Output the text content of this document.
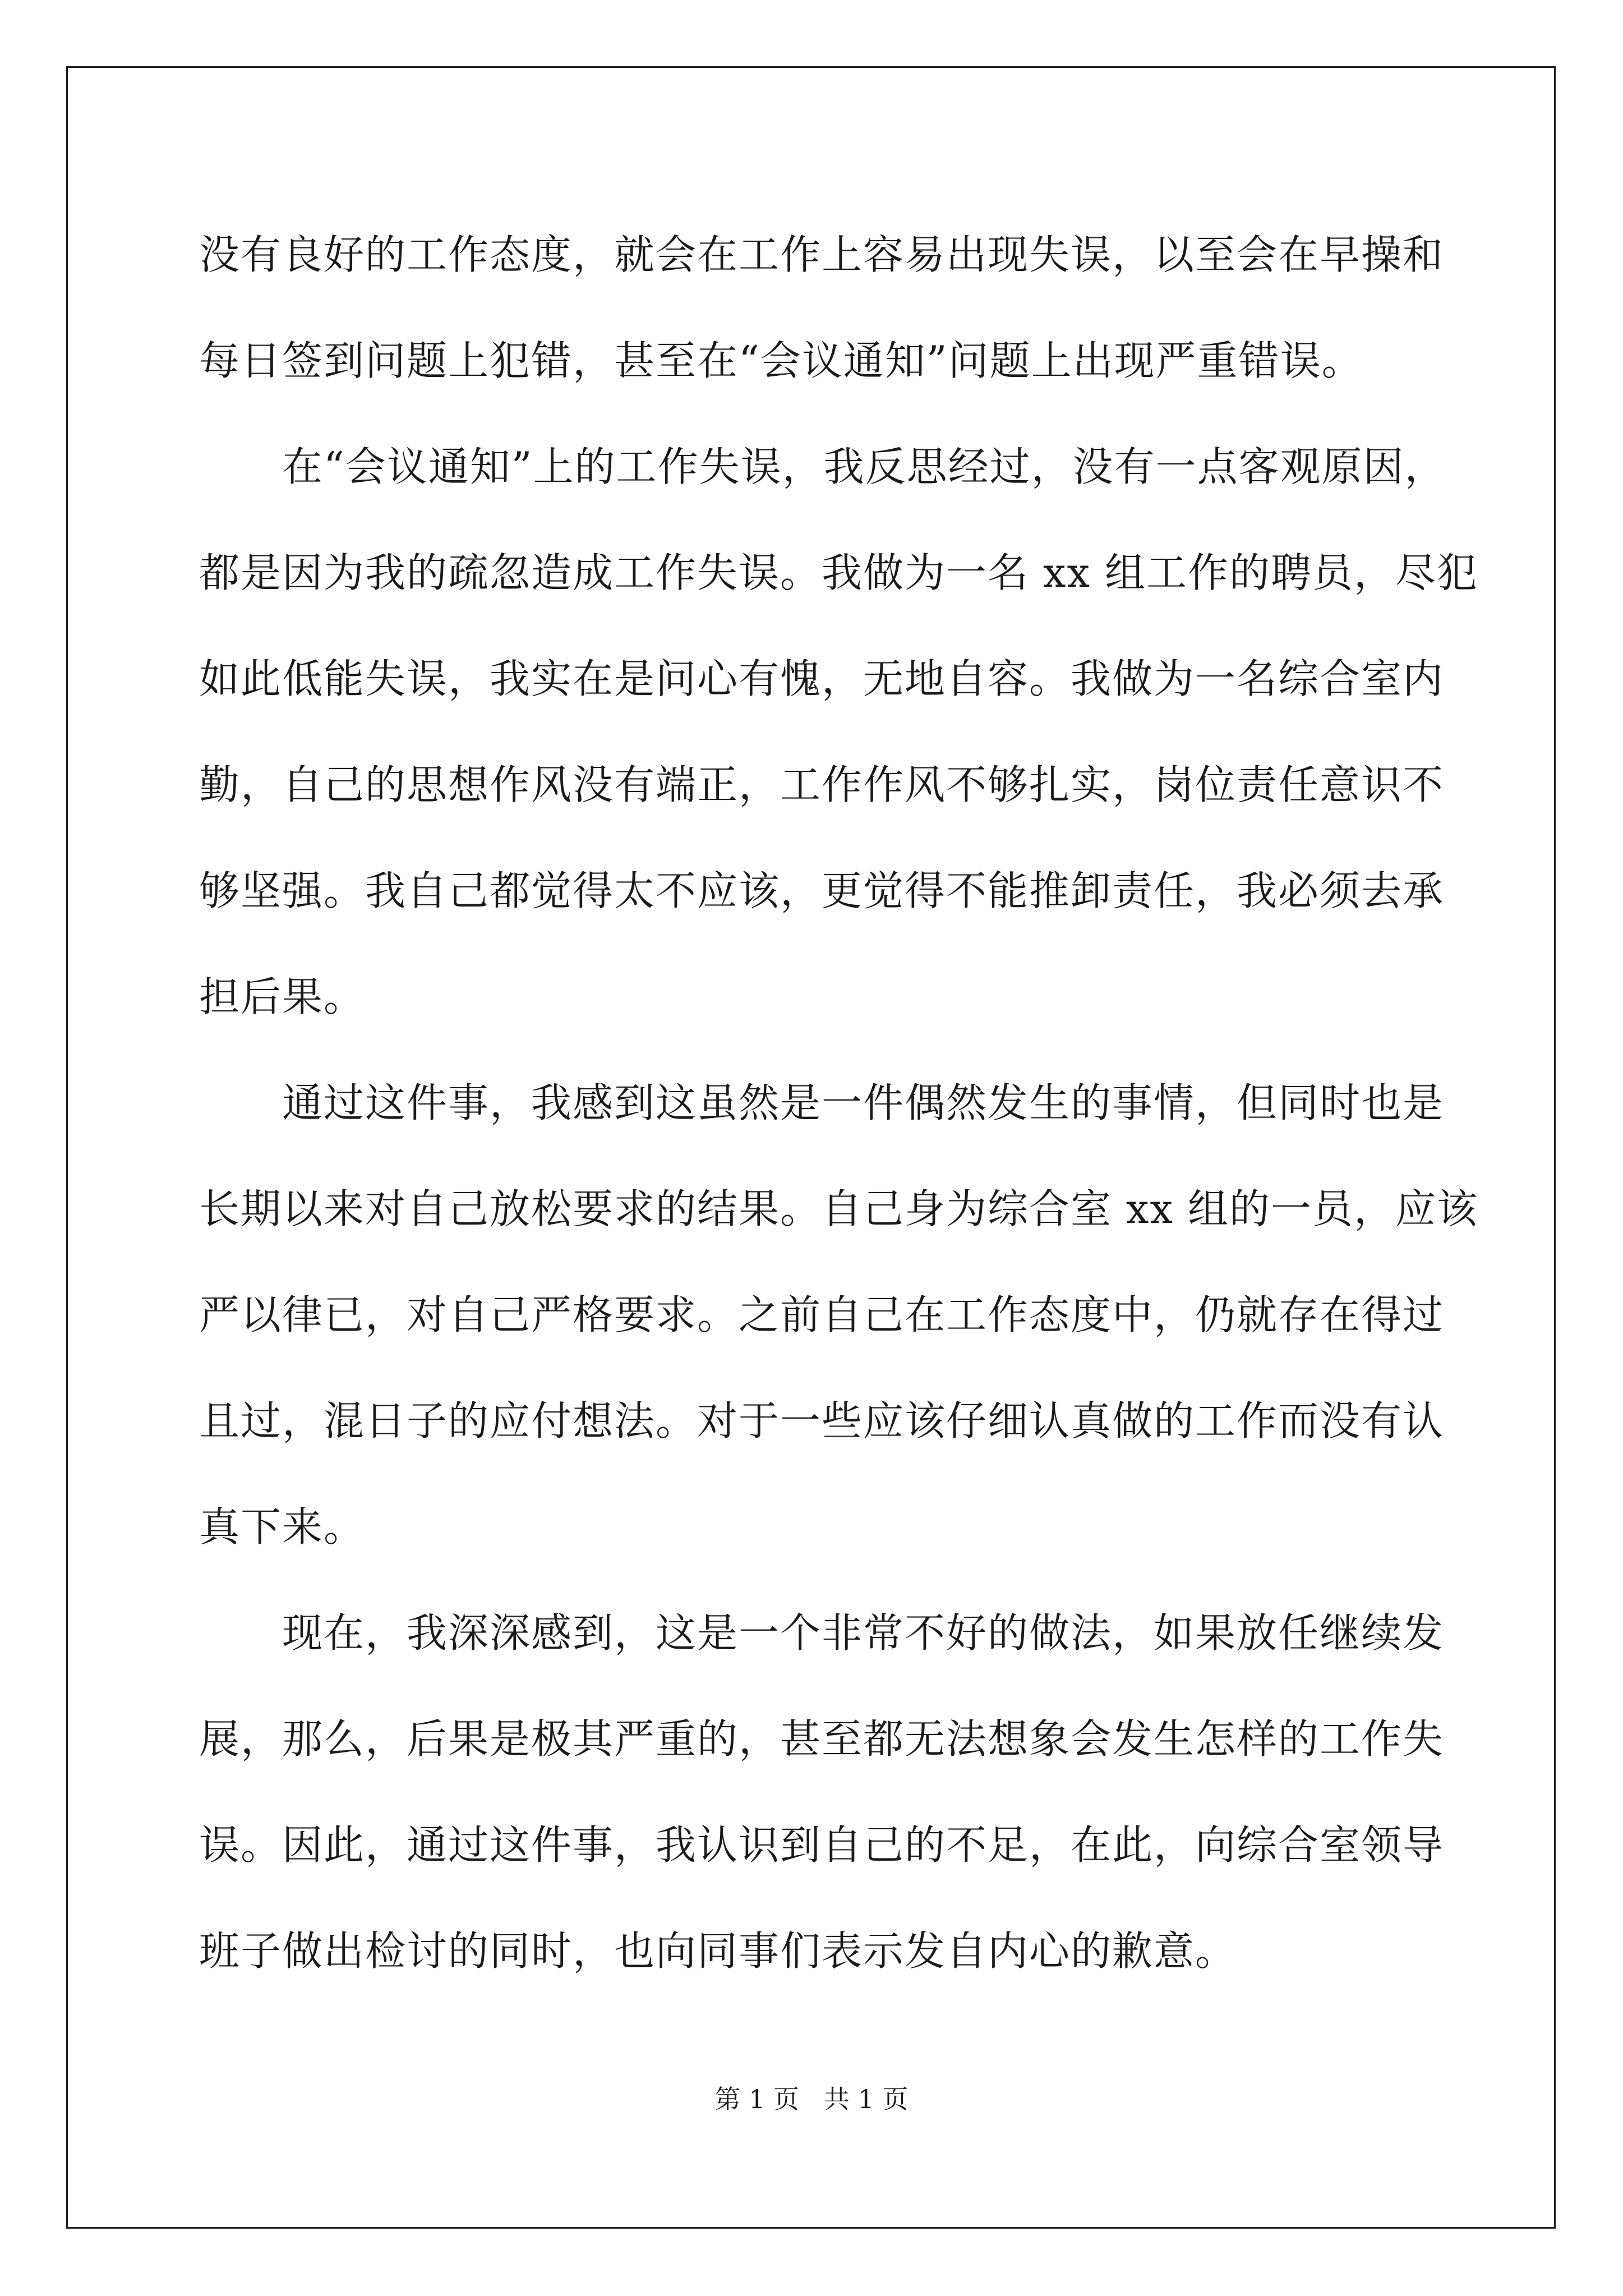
没有良好的工作态度，就会在工作上容易出现失误，以至会在早操和
每日签到问题上犯错，甚至在“会议通知”问题上出现严重错误。
　　在“会议通知”上的工作失误，我反思经过，没有一点客观原因，
都是因为我的疏忽造成工作失误。我做为一名 xx 组工作的聘员，尽犯
如此低能失误，我实在是问心有愧，无地自容。我做为一名综合室内
勤，自己的思想作风没有端正，工作作风不够扎实，岗位责任意识不
够坚强。我自己都觉得太不应该，更觉得不能推卸责任，我必须去承
担后果。
　　通过这件事，我感到这虽然是一件偶然发生的事情，但同时也是
长期以来对自己放松要求的结果。自己身为综合室 xx 组的一员，应该
严以律已，对自己严格要求。之前自己在工作态度中，仍就存在得过
且过，混日子的应付想法。对于一些应该仔细认真做的工作而没有认
真下来。
　　现在，我深深感到，这是一个非常不好的做法，如果放任继续发
展，那么，后果是极其严重的，甚至都无法想象会发生怎样的工作失
误。因此，通过这件事，我认识到自己的不足，在此，向综合室领导
班子做出检讨的同时，也向同事们表示发自内心的歉意。
第 1 页   共 1 页
